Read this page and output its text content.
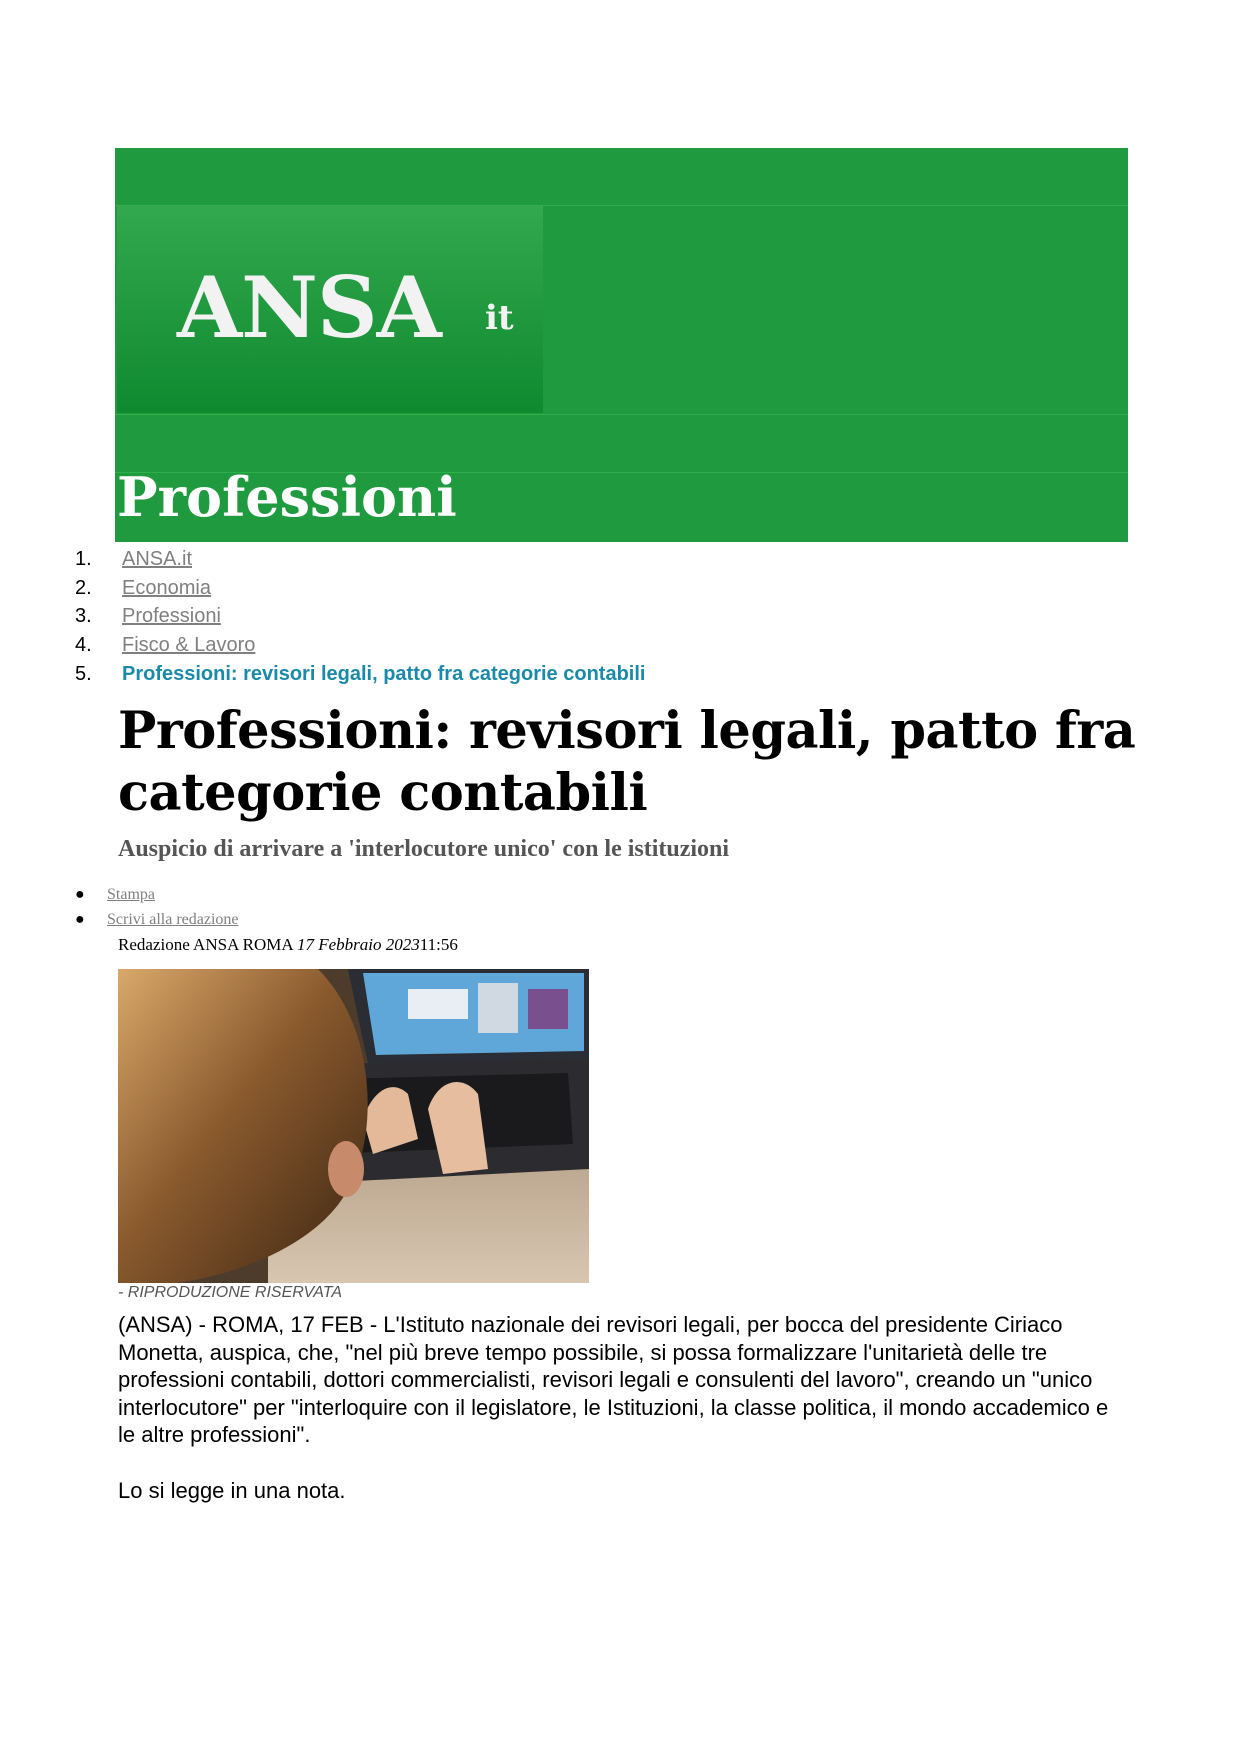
ANSA it
Professioni
1.	ANSA.it
2.	Economia
3.	Professioni
4.	Fisco & Lavoro
5.	Professioni: revisori legali, patto fra categorie contabili
Professioni: revisori legali, patto fra categorie contabili
Auspicio di arrivare a 'interlocutore unico' con le istituzioni
●	Stampa
●	Scrivi alla redazione
Redazione ANSA ROMA 17 Febbraio 202311:56
- RIPRODUZIONE RISERVATA

(ANSA) - ROMA, 17 FEB - L'Istituto nazionale dei revisori legali, per bocca del presidente Ciriaco Monetta, auspica, che, "nel più breve tempo possibile, si possa formalizzare l'unitarietà delle tre professioni contabili, dottori commercialisti, revisori legali e consulenti del lavoro", creando un "unico interlocutore" per "interloquire con il legislatore, le Istituzioni, la classe politica, il mondo accademico e le altre professioni".

Lo si legge in una nota.
